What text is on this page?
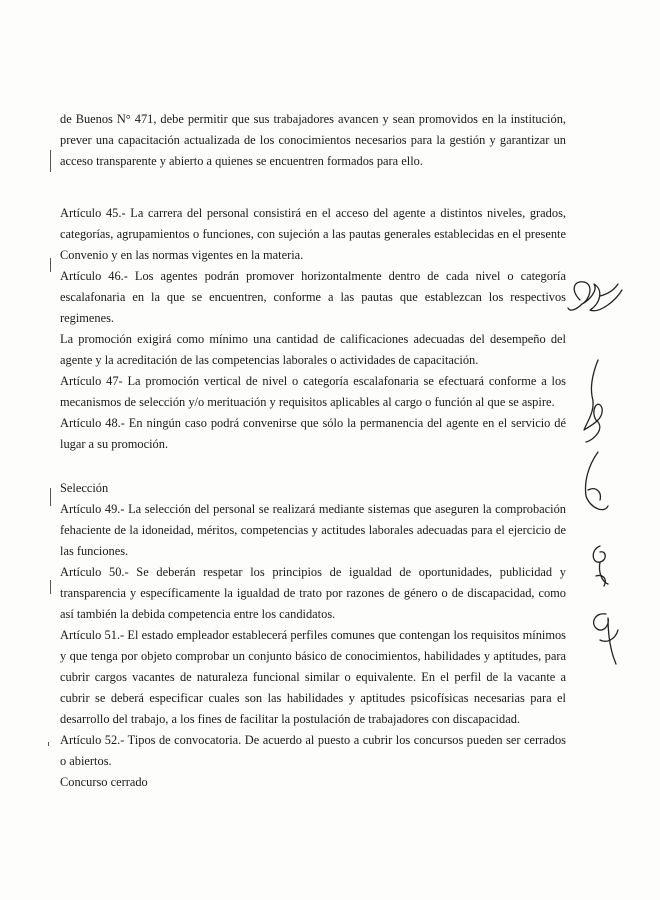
de Buenos N° 471, debe permitir que sus trabajadores avancen y sean promovidos en la institución, prever una capacitación actualizada de los conocimientos necesarios para la gestión y garantizar un acceso transparente y abierto a quienes se encuentren formados para ello.

Artículo 45.- La carrera del personal consistirá en el acceso del agente a distintos niveles, grados, categorías, agrupamientos o funciones, con sujeción a las pautas generales establecidas en el presente Convenio y en las normas vigentes en la materia.

Artículo 46.- Los agentes podrán promover horizontalmente dentro de cada nivel o categoría escalafonaria en la que se encuentren, conforme a las pautas que establezcan los respectivos regimenes.

La promoción exigirá como mínimo una cantidad de calificaciones adecuadas del desempeño del agente y la acreditación de las competencias laborales o actividades de capacitación.

Artículo 47- La promoción vertical de nivel o categoría escalafonaria se efectuará conforme a los mecanismos de selección y/o merituación y requisitos aplicables al cargo o función al que se aspire.

Artículo 48.- En ningún caso podrá convenirse que sólo la permanencia del agente en el servicio dé lugar a su promoción.

Selección

Artículo 49.- La selección del personal se realizará mediante sistemas que aseguren la comprobación fehaciente de la idoneidad, méritos, competencias y actitudes laborales adecuadas para el ejercicio de las funciones.

Artículo 50.- Se deberán respetar los principios de igualdad de oportunidades, publicidad y transparencia y específicamente la igualdad de trato por razones de género o de discapacidad, como así también la debida competencia entre los candidatos.

Artículo 51.- El estado empleador establecerá perfiles comunes que contengan los requisitos mínimos y que tenga por objeto comprobar un conjunto básico de conocimientos, habilidades y aptitudes, para cubrir cargos vacantes de naturaleza funcional similar o equivalente. En el perfil de la vacante a cubrir se deberá especificar cuales son las habilidades y aptitudes psicofísicas necesarias para el desarrollo del trabajo, a los fines de facilitar la postulación de trabajadores con discapacidad.

Artículo 52.- Tipos de convocatoria. De acuerdo al puesto a cubrir los concursos pueden ser cerrados o abiertos.

Concurso cerrado
